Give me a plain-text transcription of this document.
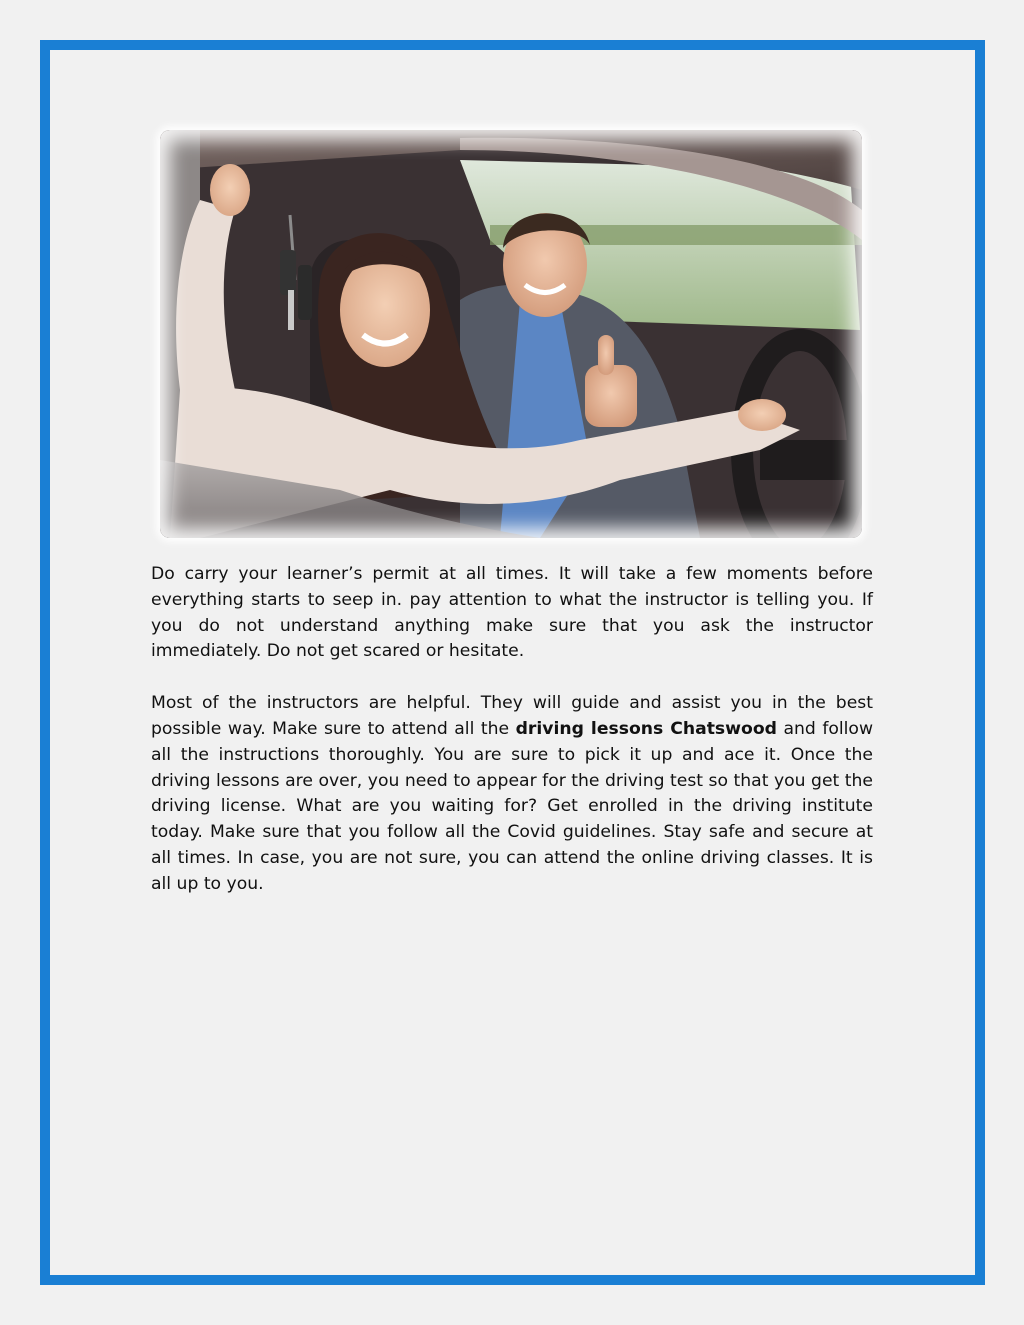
Do carry your learner’s permit at all times. It will take a few moments before everything starts to seep in. pay attention to what the instructor is telling you. If you do not understand anything make sure that you ask the instructor immediately. Do not get scared or hesitate.

Most of the instructors are helpful. They will guide and assist you in the best possible way. Make sure to attend all the driving lessons Chatswood and follow all the instructions thoroughly. You are sure to pick it up and ace it. Once the driving lessons are over, you need to appear for the driving test so that you get the driving license. What are you waiting for? Get enrolled in the driving institute today. Make sure that you follow all the Covid guidelines. Stay safe and secure at all times. In case, you are not sure, you can attend the online driving classes. It is all up to you.
